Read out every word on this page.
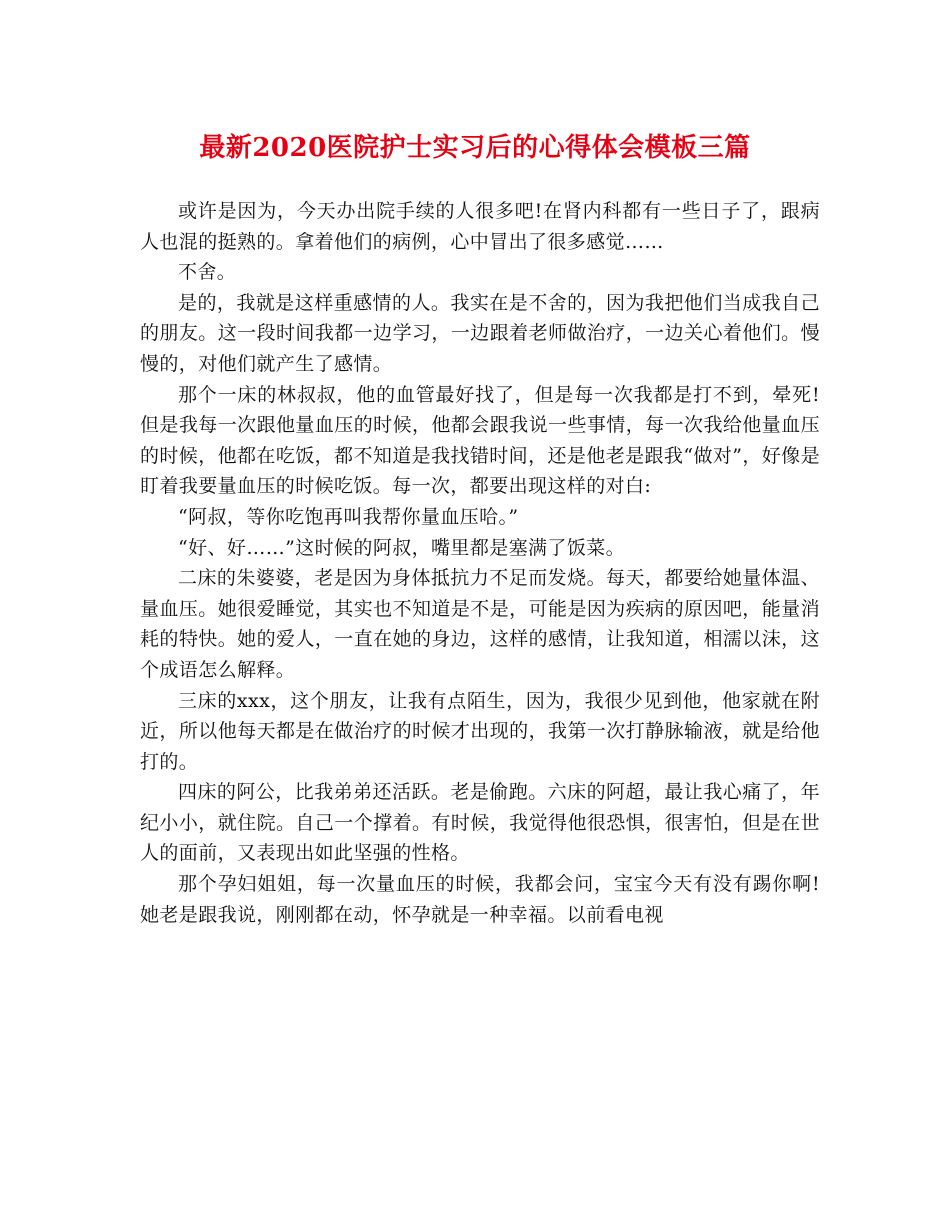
最新2020医院护士实习后的心得体会模板三篇

或许是因为，今天办出院手续的人很多吧!在肾内科都有一些日子了，跟病人也混的挺熟的。拿着他们的病例，心中冒出了很多感觉……

不舍。

是的，我就是这样重感情的人。我实在是不舍的，因为我把他们当成我自己的朋友。这一段时间我都一边学习，一边跟着老师做治疗，一边关心着他们。慢慢的，对他们就产生了感情。

那个一床的林叔叔，他的血管最好找了，但是每一次我都是打不到，晕死!但是我每一次跟他量血压的时候，他都会跟我说一些事情，每一次我给他量血压的时候，他都在吃饭，都不知道是我找错时间，还是他老是跟我“做对”，好像是盯着我要量血压的时候吃饭。每一次，都要出现这样的对白:

“阿叔，等你吃饱再叫我帮你量血压哈。”

“好、好……”这时候的阿叔，嘴里都是塞满了饭菜。

二床的朱婆婆，老是因为身体抵抗力不足而发烧。每天，都要给她量体温、量血压。她很爱睡觉，其实也不知道是不是，可能是因为疾病的原因吧，能量消耗的特快。她的爱人，一直在她的身边，这样的感情，让我知道，相濡以沫，这个成语怎么解释。

三床的xxx，这个朋友，让我有点陌生，因为，我很少见到他，他家就在附近，所以他每天都是在做治疗的时候才出现的，我第一次打静脉输液，就是给他打的。

四床的阿公，比我弟弟还活跃。老是偷跑。六床的阿超，最让我心痛了，年纪小小，就住院。自己一个撑着。有时候，我觉得他很恐惧，很害怕，但是在世人的面前，又表现出如此坚强的性格。

那个孕妇姐姐，每一次量血压的时候，我都会问，宝宝今天有没有踢你啊!她老是跟我说，刚刚都在动，怀孕就是一种幸福。以前看电视
